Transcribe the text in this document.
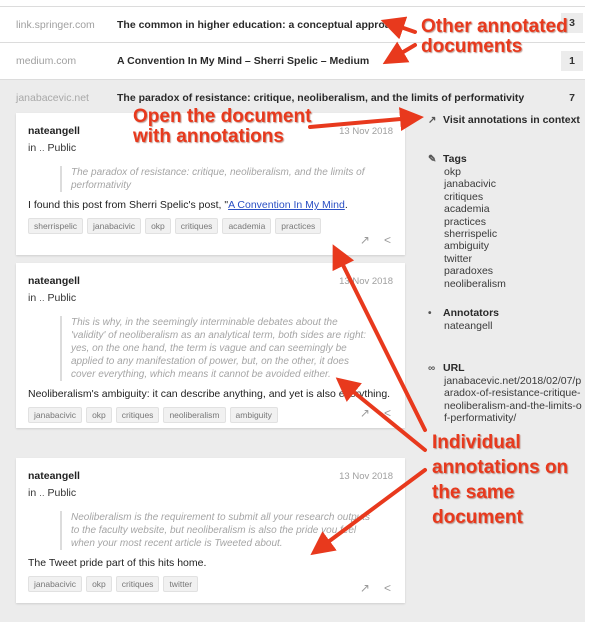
link.springer.com	The common in higher education: a conceptual approach	3
medium.com	A Convention In My Mind – Sherri Spelic – Medium	1
janabacevic.net	The paradox of resistance: critique, neoliberalism, and the limits of performativity	7
nateangell	13 Nov 2018
in ‥ Public
The paradox of resistance: critique, neoliberalism, and the limits of performativity
I found this post from Sherri Spelic's post, "A Convention In My Mind.
sherrispelic	janabacivic	okp	critiques	academia	practices
↗ <
nateangell	13 Nov 2018
in ‥ Public
This is why, in the seemingly interminable debates about the 'validity' of neoliberalism as an analytical term, both sides are right: yes, on the one hand, the term is vague and can seemingly be applied to any manifestation of power, but, on the other, it does cover everything, which means it cannot be avoided either.
Neoliberalism's ambiguity: it can describe anything, and yet is also everything.
janabacivic	okp	critiques	neoliberalism	ambiguity	↗ <
nateangell	13 Nov 2018
in ‥ Public
Neoliberalism is the requirement to submit all your research outputs to the faculty website, but neoliberalism is also the pride you feel when your most recent article is Tweeted about.
The Tweet pride part of this hits home.
janabacivic	okp	critiques	twitter	↗ <
↗ Visit annotations in context
✎ Tags
okp
janabacivic
critiques
academia
practices
sherrispelic
ambiguity
twitter
paradoxes
neoliberalism
•	Annotators
nateangell
∞ URL
janabacevic.net/2018/02/07/paradox-of-resistance-critique-neoliberalism-and-the-limits-of-performativity/
Other annotated
documents
Open the document
with annotations
Individual
annotations on
the same
document
